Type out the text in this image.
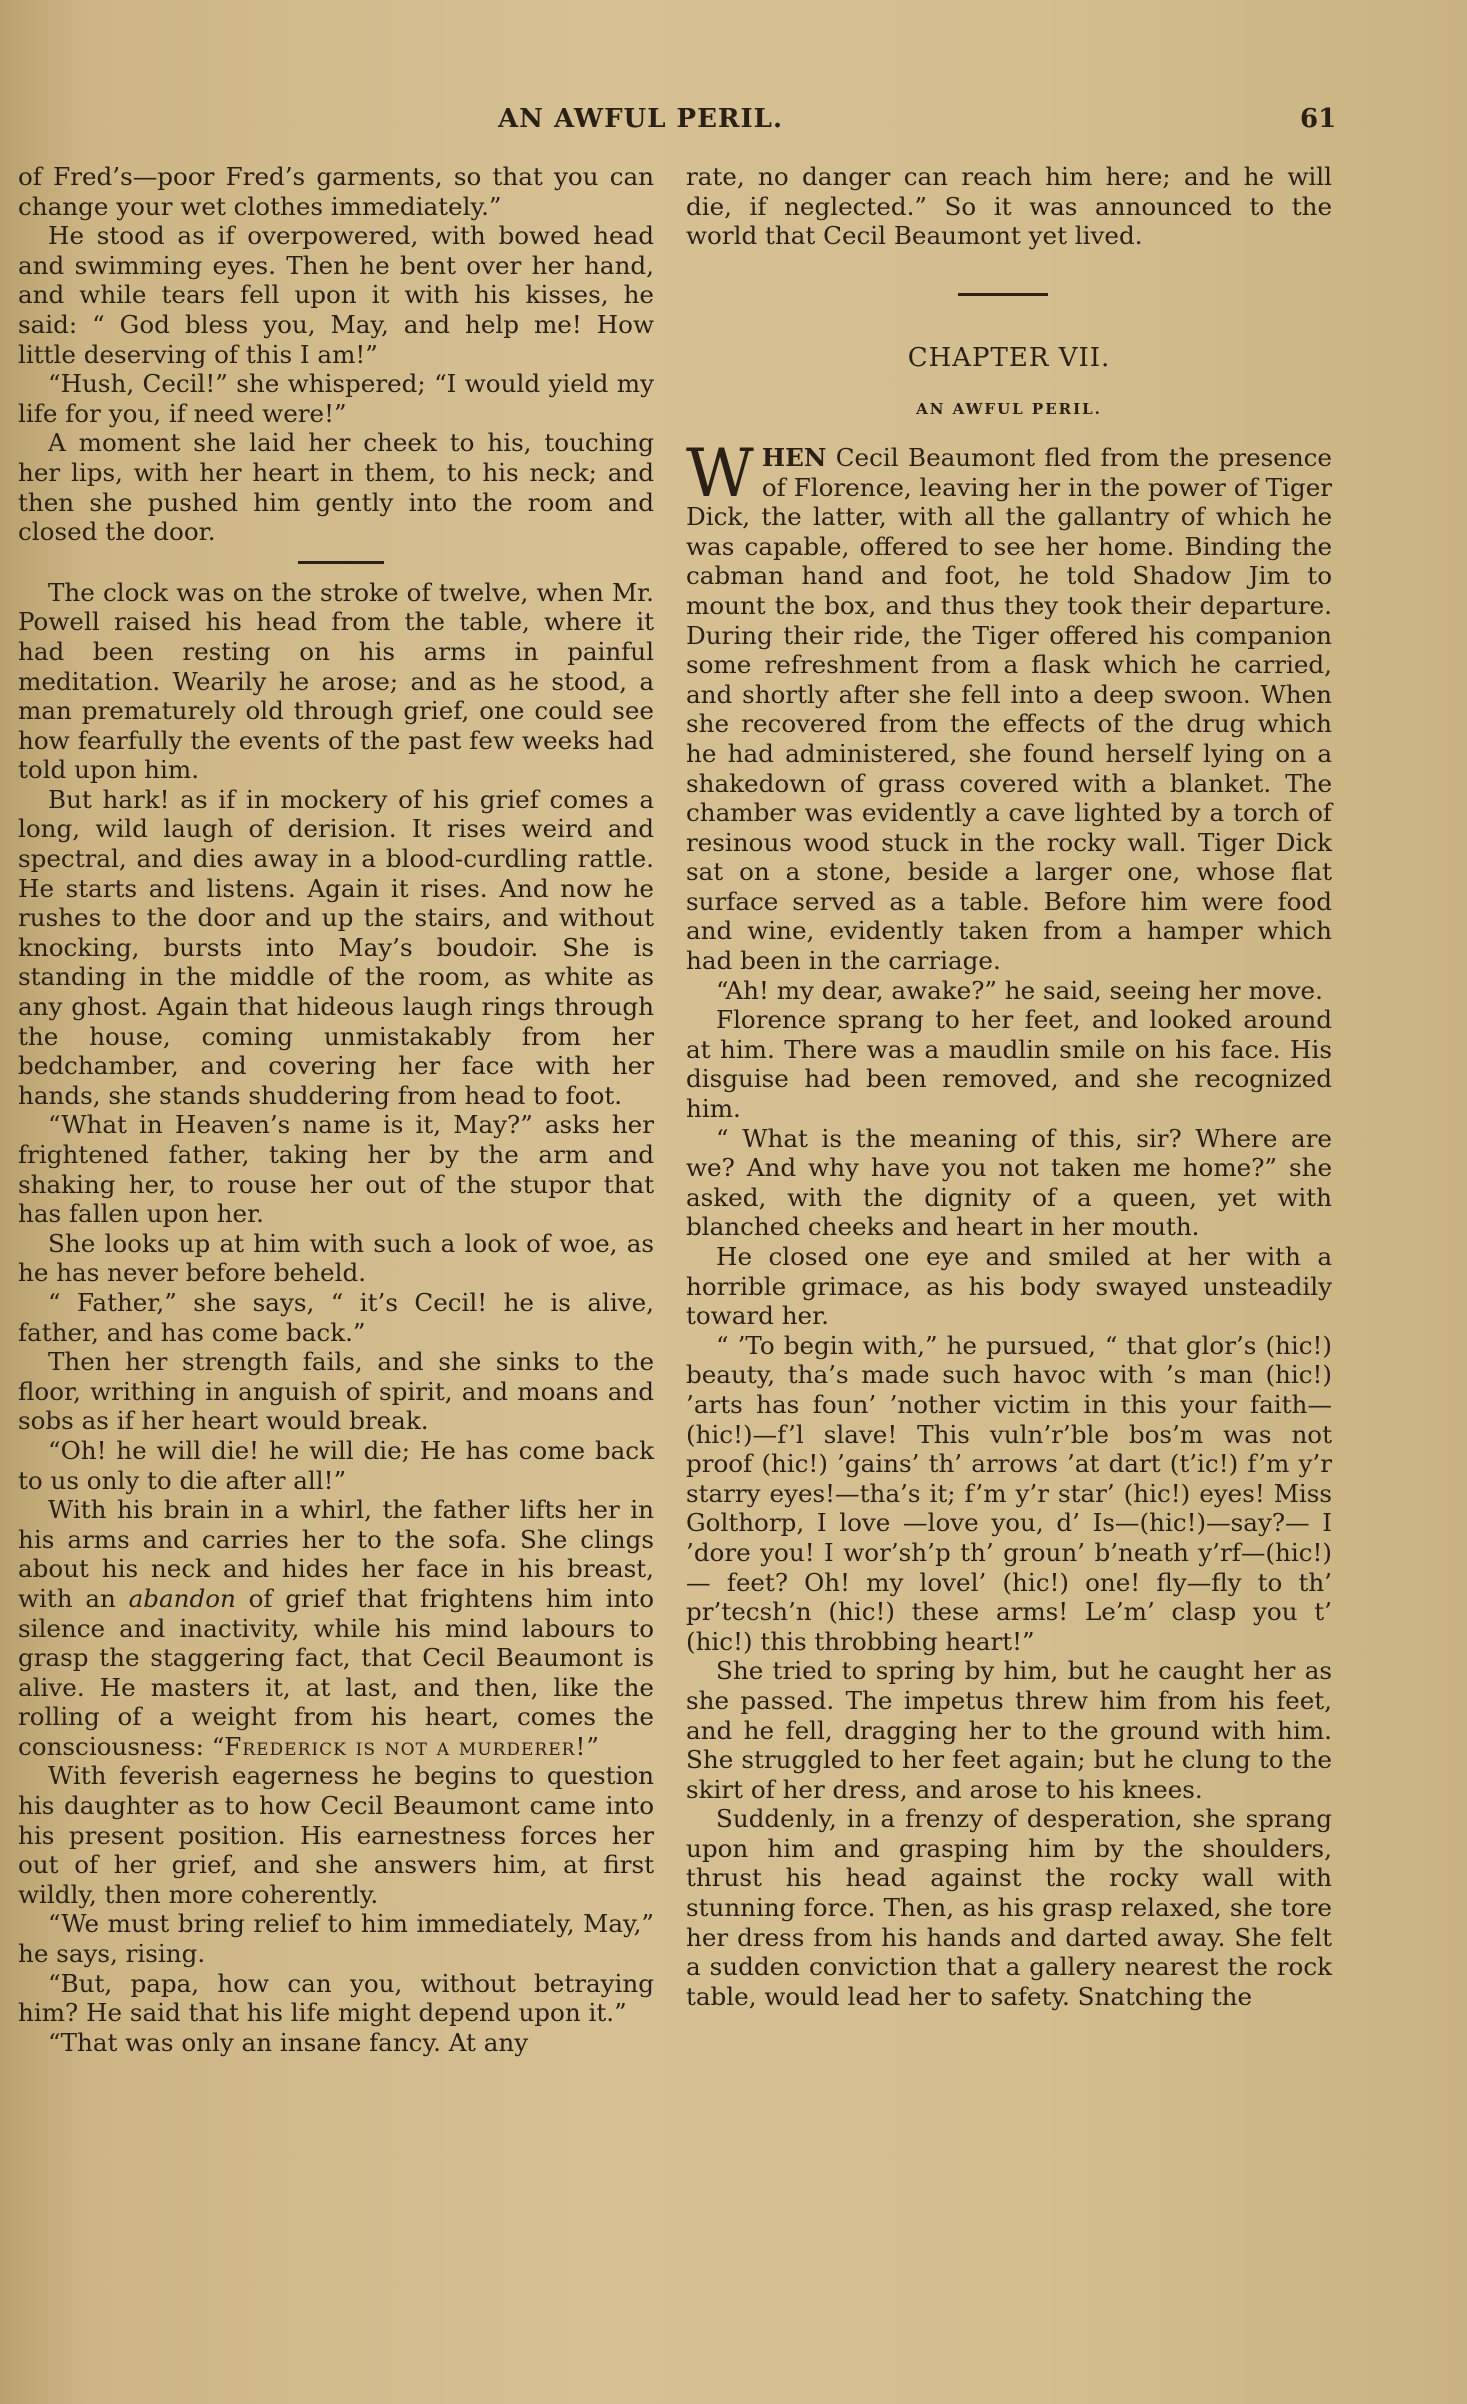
AN AWFUL PERIL.	61

of Fred’s—poor Fred’s garments, so that you can change your wet clothes immediately.”

He stood as if overpowered, with bowed head and swimming eyes. Then he bent over her hand, and while tears fell upon it with his kisses, he said: “ God bless you, May, and help me! How little deserving of this I am!”

“Hush, Cecil!” she whispered; “I would yield my life for you, if need were!”

A moment she laid her cheek to his, touching her lips, with her heart in them, to his neck; and then she pushed him gently into the room and closed the door.

The clock was on the stroke of twelve, when Mr. Powell raised his head from the table, where it had been resting on his arms in painful meditation. Wearily he arose; and as he stood, a man prematurely old through grief, one could see how fearfully the events of the past few weeks had told upon him.

But hark! as if in mockery of his grief comes a long, wild laugh of derision. It rises weird and spectral, and dies away in a blood-curdling rattle. He starts and listens. Again it rises. And now he rushes to the door and up the stairs, and without knocking, bursts into May’s boudoir. She is standing in the middle of the room, as white as any ghost. Again that hideous laugh rings through the house, coming unmistakably from her bedchamber, and covering her face with her hands, she stands shuddering from head to foot.

“What in Heaven’s name is it, May?” asks her frightened father, taking her by the arm and shaking her, to rouse her out of the stupor that has fallen upon her.

She looks up at him with such a look of woe, as he has never before beheld.

“ Father,” she says, “ it’s Cecil! he is alive, father, and has come back.”

Then her strength fails, and she sinks to the floor, writhing in anguish of spirit, and moans and sobs as if her heart would break.

“Oh! he will die! he will die; He has come back to us only to die after all!”

With his brain in a whirl, the father lifts her in his arms and carries her to the sofa. She clings about his neck and hides her face in his breast, with an abandon of grief that frightens him into silence and inactivity, while his mind labours to grasp the staggering fact, that Cecil Beaumont is alive. He masters it, at last, and then, like the rolling of a weight from his heart, comes the consciousness: “Frederick is not a murderer!”

With feverish eagerness he begins to question his daughter as to how Cecil Beaumont came into his present position. His earnestness forces her out of her grief, and she answers him, at first wildly, then more coherently.

“We must bring relief to him immediately, May,” he says, rising.

“But, papa, how can you, without betraying him? He said that his life might depend upon it.”

“That was only an insane fancy. At any

rate, no danger can reach him here; and he will die, if neglected.” So it was announced to the world that Cecil Beaumont yet lived.

CHAPTER VII.
AN AWFUL PERIL.

WHEN Cecil Beaumont fled from the presence of Florence, leaving her in the power of Tiger Dick, the latter, with all the gallantry of which he was capable, offered to see her home. Binding the cabman hand and foot, he told Shadow Jim to mount the box, and thus they took their departure. During their ride, the Tiger offered his companion some refreshment from a flask which he carried, and shortly after she fell into a deep swoon. When she recovered from the effects of the drug which he had administered, she found herself lying on a shakedown of grass covered with a blanket. The chamber was evidently a cave lighted by a torch of resinous wood stuck in the rocky wall. Tiger Dick sat on a stone, beside a larger one, whose flat surface served as a table. Before him were food and wine, evidently taken from a hamper which had been in the carriage.

“Ah! my dear, awake?” he said, seeing her move.

Florence sprang to her feet, and looked around at him. There was a maudlin smile on his face. His disguise had been removed, and she recognized him.

“ What is the meaning of this, sir? Where are we? And why have you not taken me home?” she asked, with the dignity of a queen, yet with blanched cheeks and heart in her mouth.

He closed one eye and smiled at her with a horrible grimace, as his body swayed unsteadily toward her.

“ ’To begin with,” he pursued, “ that glor’s (hic!) beauty, tha’s made such havoc with ’s man (hic!) ’arts has foun’ ’nother victim in this your faith—(hic!)—f’l slave! This vuln’r’ble bos’m was not proof (hic!) ’gains’ th’ arrows ’at dart (t’ic!) f’m y’r starry eyes!—tha’s it; f’m y’r star’ (hic!) eyes! Miss Golthorp, I love —love you, d’ Is—(hic!)—say?— I ’dore you! I wor’sh’p th’ groun’ b’neath y’rf—(hic!)— feet? Oh! my lovel’ (hic!) one! fly—fly to th’ pr’tecsh’n (hic!) these arms! Le’m’ clasp you t’ (hic!) this throbbing heart!”

She tried to spring by him, but he caught her as she passed. The impetus threw him from his feet, and he fell, dragging her to the ground with him. She struggled to her feet again; but he clung to the skirt of her dress, and arose to his knees.

Suddenly, in a frenzy of desperation, she sprang upon him and grasping him by the shoulders, thrust his head against the rocky wall with stunning force. Then, as his grasp relaxed, she tore her dress from his hands and darted away. She felt a sudden conviction that a gallery nearest the rock table, would lead her to safety. Snatching the
